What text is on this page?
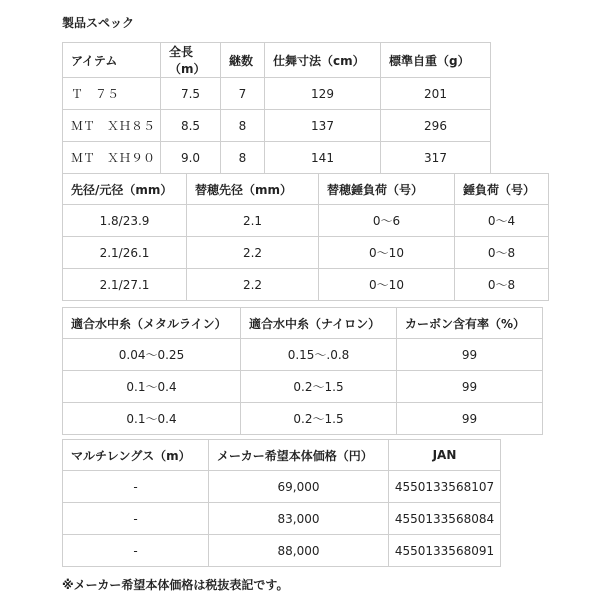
製品スペック
アイテム	全長（m）	継数	仕舞寸法（cm）	標準自重（g）
Ｔ　７５	7.5	7	129	201
ＭＴ　ＸＨ８５	8.5	8	137	296
ＭＴ　ＸＨ９０	9.0	8	141	317
先径/元径（mm）	替穂先径（mm）	替穂錘負荷（号）	錘負荷（号）
1.8/23.9	2.1	0〜6	0〜4
2.1/26.1	2.2	0〜10	0〜8
2.1/27.1	2.2	0〜10	0〜8
適合水中糸（メタルライン）	適合水中糸（ナイロン）	カーボン含有率（%）
0.04〜0.25	0.15〜.0.8	99
0.1〜0.4	0.2〜1.5	99
0.1〜0.4	0.2〜1.5	99
マルチレングス（m）	メーカー希望本体価格（円）	JAN
-	69,000	4550133568107
-	83,000	4550133568084
-	88,000	4550133568091
※メーカー希望本体価格は税抜表記です。
